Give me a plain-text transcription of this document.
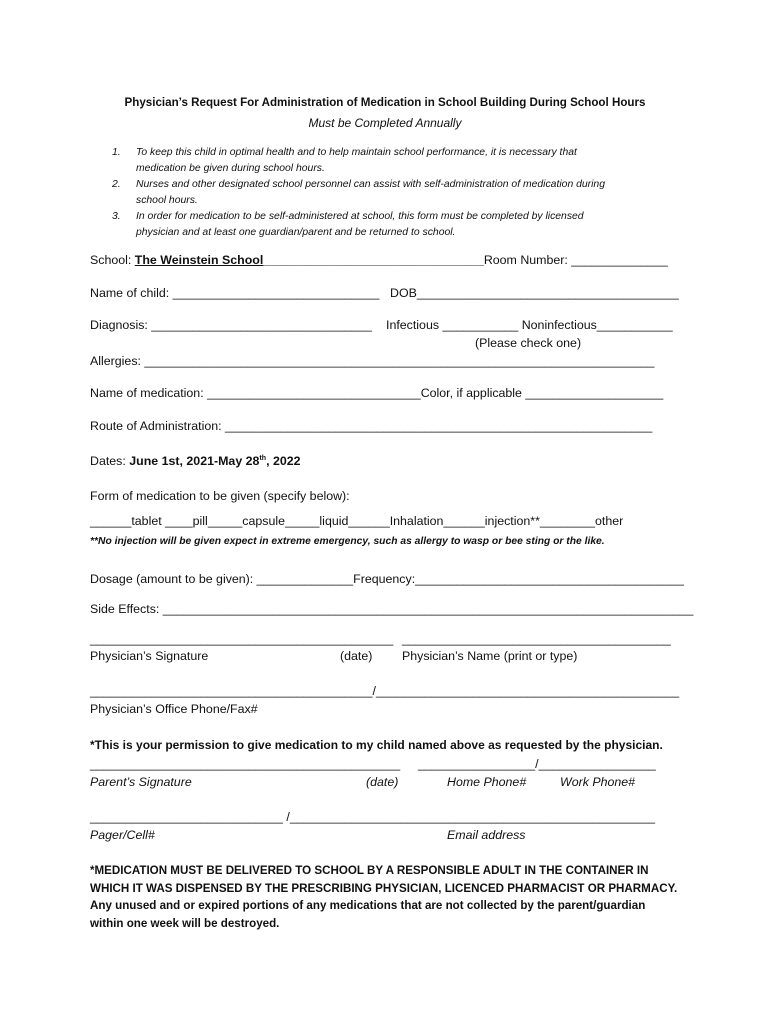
Physician’s Request For Administration of Medication in School Building During School Hours
Must be Completed Annually
1. To keep this child in optimal health and to help maintain school performance, it is necessary that
medication be given during school hours.
2. Nurses and other designated school personnel can assist with self-administration of medication during
school hours.
3. In order for medication to be self-administered at school, this form must be completed by licensed
physician and at least one guardian/parent and be returned to school.
School: The Weinstein School________________________________Room Number: ______________
Name of child: ______________________________ DOB______________________________________
Diagnosis: ________________________________ Infectious ___________ Noninfectious___________
(Please check one)
Allergies: __________________________________________________________________________
Name of medication: _______________________________Color, if applicable ____________________
Route of Administration: ______________________________________________________________
Dates: June 1st, 2021-May 28th, 2022
Form of medication to be given (specify below):
______tablet ____pill_____capsule_____liquid______Inhalation______injection**________other
**No injection will be given expect in extreme emergency, such as allergy to wasp or bee sting or the like.
Dosage (amount to be given): ______________Frequency:_______________________________________
Side Effects: _____________________________________________________________________________
____________________________________________ _______________________________________
Physician’s Signature	(date) Physician’s Name (print or type)
_________________________________________/____________________________________________
Physician’s Office Phone/Fax#
*This is your permission to give medication to my child named above as requested by the physician.
_____________________________________________ _________________/_________________
Parent’s Signature	(date)	Home Phone#	Work Phone#
____________________________ /_____________________________________________________
Pager/Cell#	Email address
*MEDICATION MUST BE DELIVERED TO SCHOOL BY A RESPONSIBLE ADULT IN THE CONTAINER IN
WHICH IT WAS DISPENSED BY THE PRESCRIBING PHYSICIAN, LICENCED PHARMACIST OR PHARMACY.
Any unused and or expired portions of any medications that are not collected by the parent/guardian
within one week will be destroyed.
